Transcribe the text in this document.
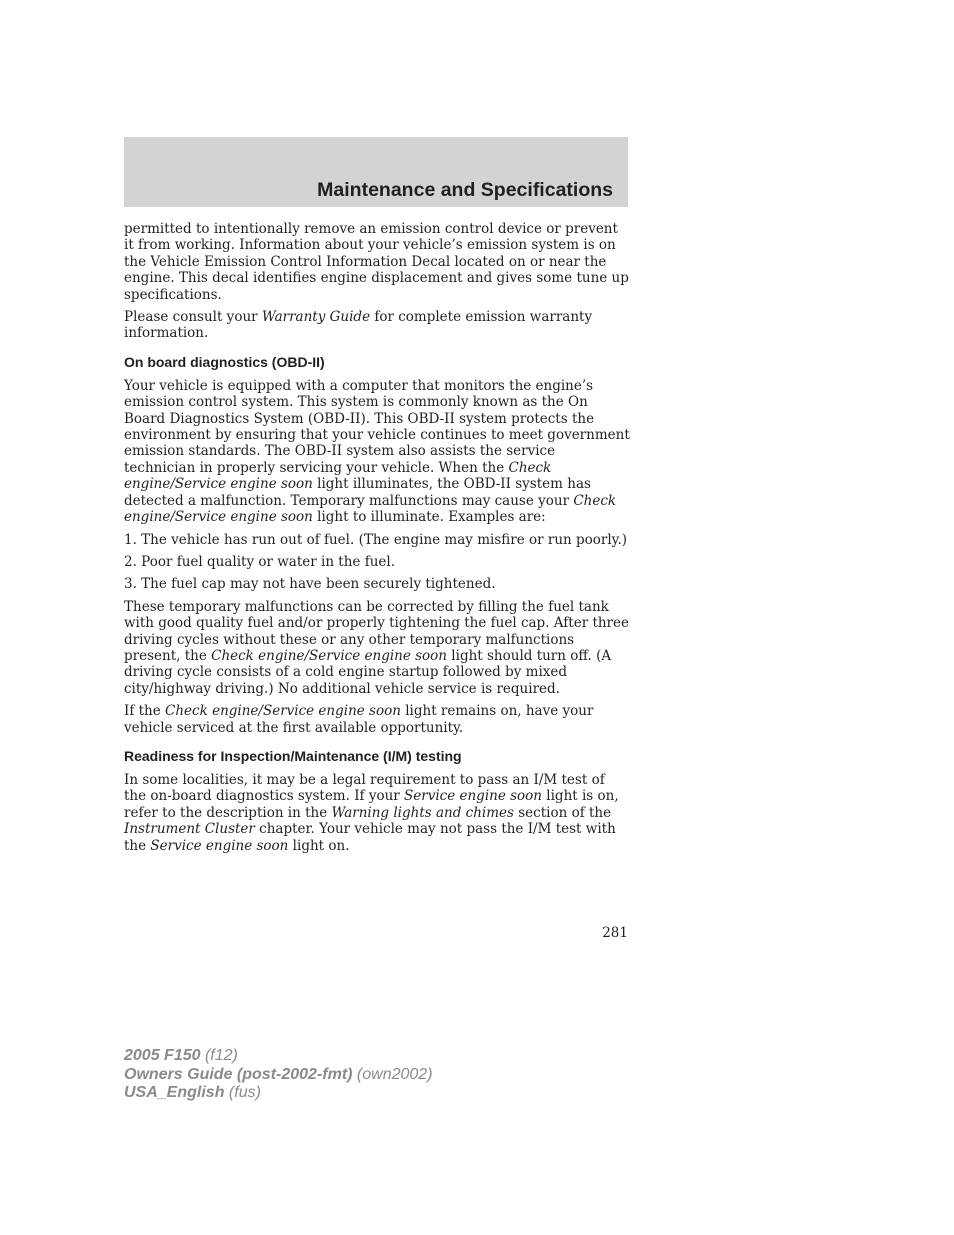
Maintenance and Specifications

permitted to intentionally remove an emission control device or prevent it from working. Information about your vehicle’s emission system is on the Vehicle Emission Control Information Decal located on or near the engine. This decal identifies engine displacement and gives some tune up specifications.

Please consult your Warranty Guide for complete emission warranty information.

On board diagnostics (OBD-II)

Your vehicle is equipped with a computer that monitors the engine’s emission control system. This system is commonly known as the On Board Diagnostics System (OBD-II). This OBD-II system protects the environment by ensuring that your vehicle continues to meet government emission standards. The OBD-II system also assists the service technician in properly servicing your vehicle. When the Check engine/Service engine soon light illuminates, the OBD-II system has detected a malfunction. Temporary malfunctions may cause your Check engine/Service engine soon light to illuminate. Examples are:

1. The vehicle has run out of fuel. (The engine may misfire or run poorly.)

2. Poor fuel quality or water in the fuel.

3. The fuel cap may not have been securely tightened.

These temporary malfunctions can be corrected by filling the fuel tank with good quality fuel and/or properly tightening the fuel cap. After three driving cycles without these or any other temporary malfunctions present, the Check engine/Service engine soon light should turn off. (A driving cycle consists of a cold engine startup followed by mixed city/highway driving.) No additional vehicle service is required.

If the Check engine/Service engine soon light remains on, have your vehicle serviced at the first available opportunity.

Readiness for Inspection/Maintenance (I/M) testing

In some localities, it may be a legal requirement to pass an I/M test of the on-board diagnostics system. If your Service engine soon light is on, refer to the description in the Warning lights and chimes section of the Instrument Cluster chapter. Your vehicle may not pass the I/M test with the Service engine soon light on.

281
2005 F150 (f12)
Owners Guide (post-2002-fmt) (own2002)
USA_English (fus)
